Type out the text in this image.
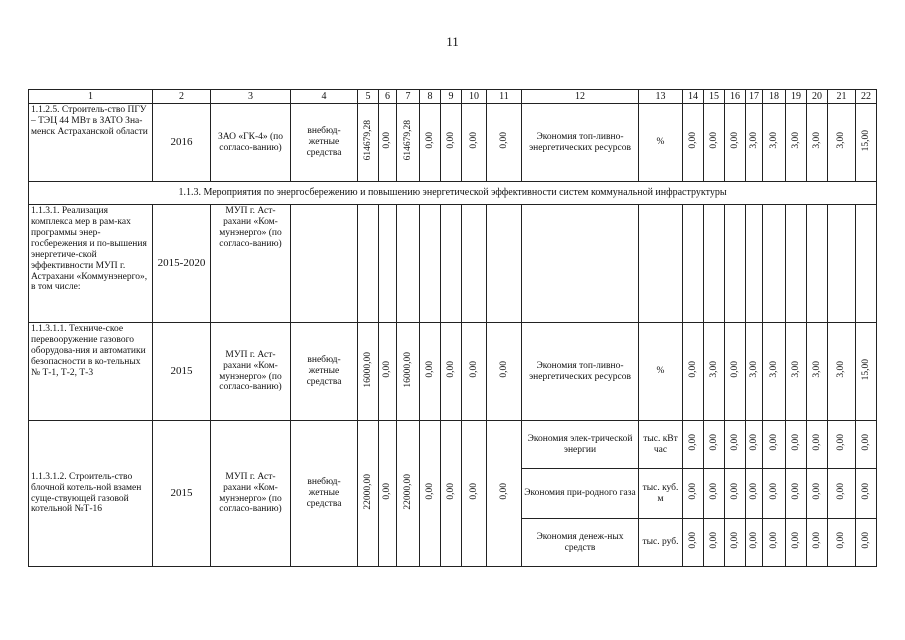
11
1	2	3	4	5	6	7	8	9	10	11	12	13	14	15	16	17	18	19	20	21	22
1.1.2.5. Строитель-ство ПГУ – ТЭЦ 44 МВт в ЗАТО Зна-менск Астраханской области	2016	ЗАО «ГК-4» (по согласо-ванию)	внебюд-жетные средства	614679,28	0,00	614679,28	0,00	0,00	0,00	0,00	Экономия топ-ливно-энергетических ресурсов	%	0,00	0,00	0,00	3,00	3,00	3,00	3,00	3,00	15,00
1.1.3. Мероприятия по энергосбережению и повышению энергетической эффективности систем коммунальной инфраструктуры																					
1.1.3.1. Реализация комплекса мер в рам-ках программы энер-госбережения и по-вышения энергетиче-ской эффективности МУП г. Астрахани «Коммунэнерго», в том числе:	2015-2020	МУП г. Аст-рахани «Ком-мунэнерго» (по согласо-ванию)																			
1.1.3.1.1. Техниче-ское перевооружение газового оборудова-ния и автоматики безопасности в ко-тельных № Т-1, Т-2, Т-3	2015	МУП г. Аст-рахани «Ком-мунэнерго» (по согласо-ванию)	внебюд-жетные средства	16000,00	0,00	16000,00	0,00	0,00	0,00	0,00	Экономия топ-ливно-энергетических ресурсов	%	0,00	3,00	0,00	3,00	3,00	3,00	3,00	3,00	15,00
1.1.3.1.2. Строитель-ство блочной котель-ной взамен суще-ствующей газовой котельной №Т-16	2015	МУП г. Аст-рахани «Ком-мунэнерго» (по согласо-ванию)	внебюд-жетные средства	22000,00	0,00	22000,00	0,00	0,00	0,00	0,00	Экономия элек-трической энергии	тыс. кВт час	0,00	0,00	0,00	0,00	0,00	0,00	0,00	0,00	0,00
											Экономия при-родного газа	тыс. куб. м	0,00	0,00	0,00	0,00	0,00	0,00	0,00	0,00	0,00
											Экономия денеж-ных средств	тыс. руб.	0,00	0,00	0,00	0,00	0,00	0,00	0,00	0,00	0,00
